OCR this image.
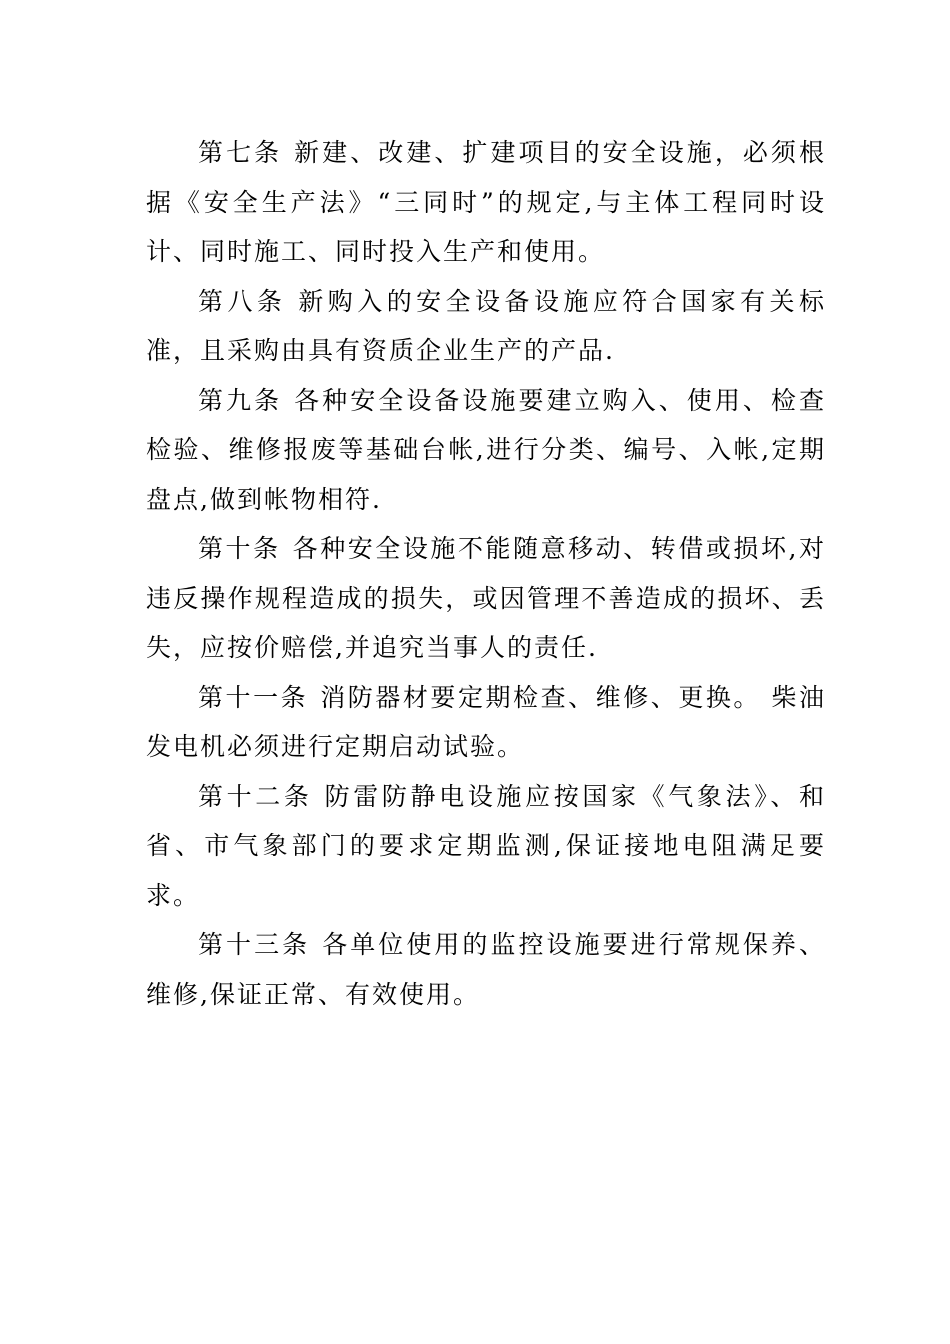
第七条 新建、改建、扩建项目的安全设施，必须根据《安全生产法》“三同时”的规定,与主体工程同时设计、同时施工、同时投入生产和使用。

第八条 新购入的安全设备设施应符合国家有关标准，且采购由具有资质企业生产的产品.

第九条 各种安全设备设施要建立购入、使用、检查检验、维修报废等基础台帐,进行分类、编号、入帐,定期盘点,做到帐物相符.

第十条 各种安全设施不能随意移动、转借或损坏,对违反操作规程造成的损失，或因管理不善造成的损坏、丢失，应按价赔偿,并追究当事人的责任.

第十一条 消防器材要定期检查、维修、更换。 柴油发电机必须进行定期启动试验。

第十二条 防雷防静电设施应按国家《气象法》、和省、市气象部门的要求定期监测,保证接地电阻满足要求。

第十三条 各单位使用的监控设施要进行常规保养、维修,保证正常、有效使用。
